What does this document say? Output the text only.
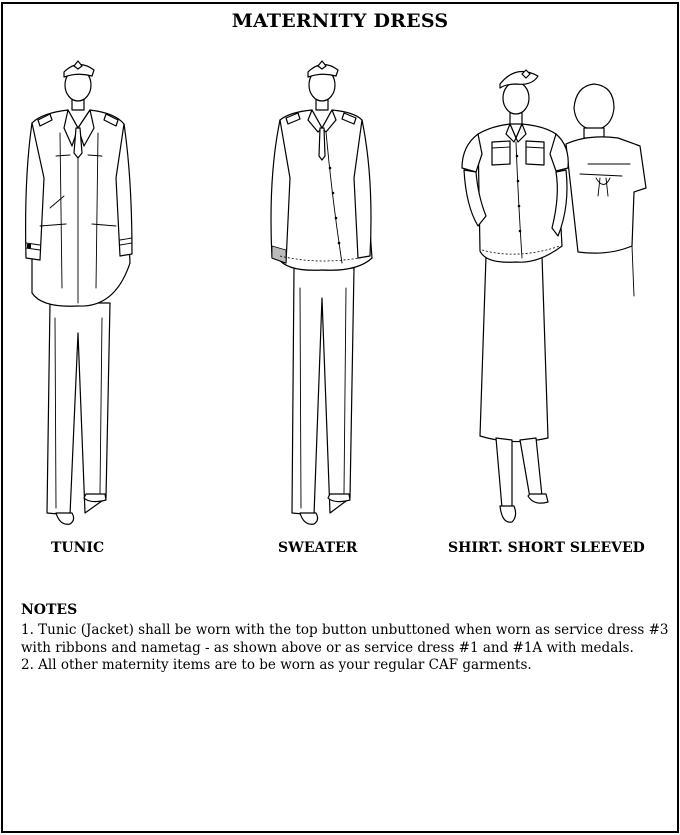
MATERNITY DRESS
TUNIC	SWEATER	SHIRT. SHORT SLEEVED
NOTES
1. Tunic (Jacket) shall be worn with the top button unbuttoned when worn as service dress #3
with ribbons and nametag - as shown above or as service dress #1 and #1A with medals.
2. All other maternity items are to be worn as your regular CAF garments.
